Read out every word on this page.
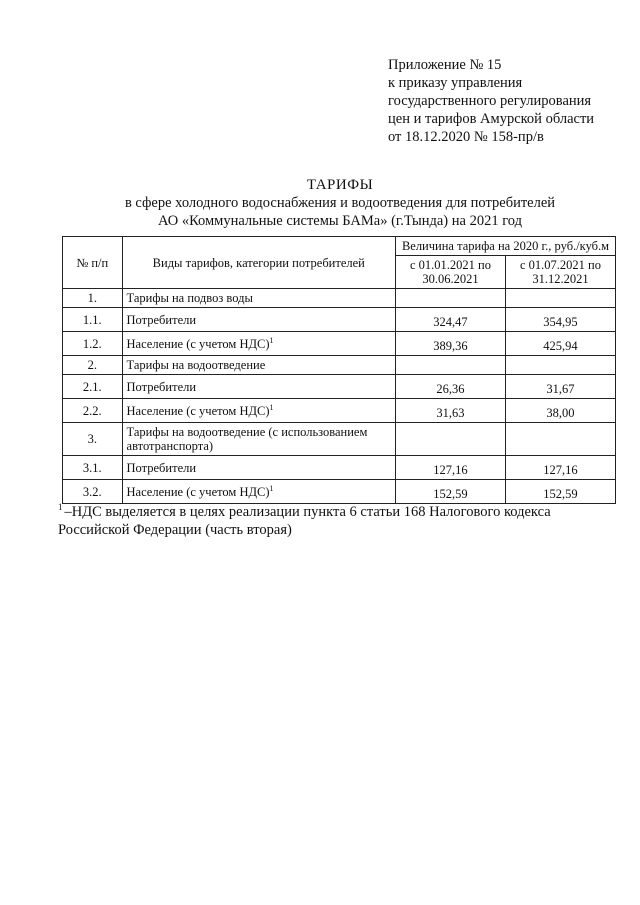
Приложение № 15
к приказу управления
государственного регулирования
цен и тарифов Амурской области
от 18.12.2020 № 158-пр/в
ТАРИФЫ
в сфере холодного водоснабжения и водоотведения для потребителей
АО «Коммунальные системы БАМа» (г.Тында) на 2021 год
№ п/п	Виды тарифов, категории потребителей	Величина тарифа на 2020 г., руб./куб.м	
		с 01.01.2021 по 30.06.2021	с 01.07.2021 по 31.12.2021
1.	Тарифы на подвоз воды		
1.1.	Потребители	324,47	354,95
1.2.	Население (с учетом НДС)$^1$	389,36	425,94
2.	Тарифы на водоотведение		
2.1.	Потребители	26,36	31,67
2.2.	Население (с учетом НДС)$^1$	31,63	38,00
3.	Тарифы на водоотведение (с использованием автотранспорта)		
3.1.	Потребители	127,16	127,16
3.2.	Население (с учетом НДС)$^1$	152,59	152,59
$^1$ –НДС выделяется в целях реализации пункта 6 статьи 168 Налогового кодекса Российской Федерации (часть вторая)
